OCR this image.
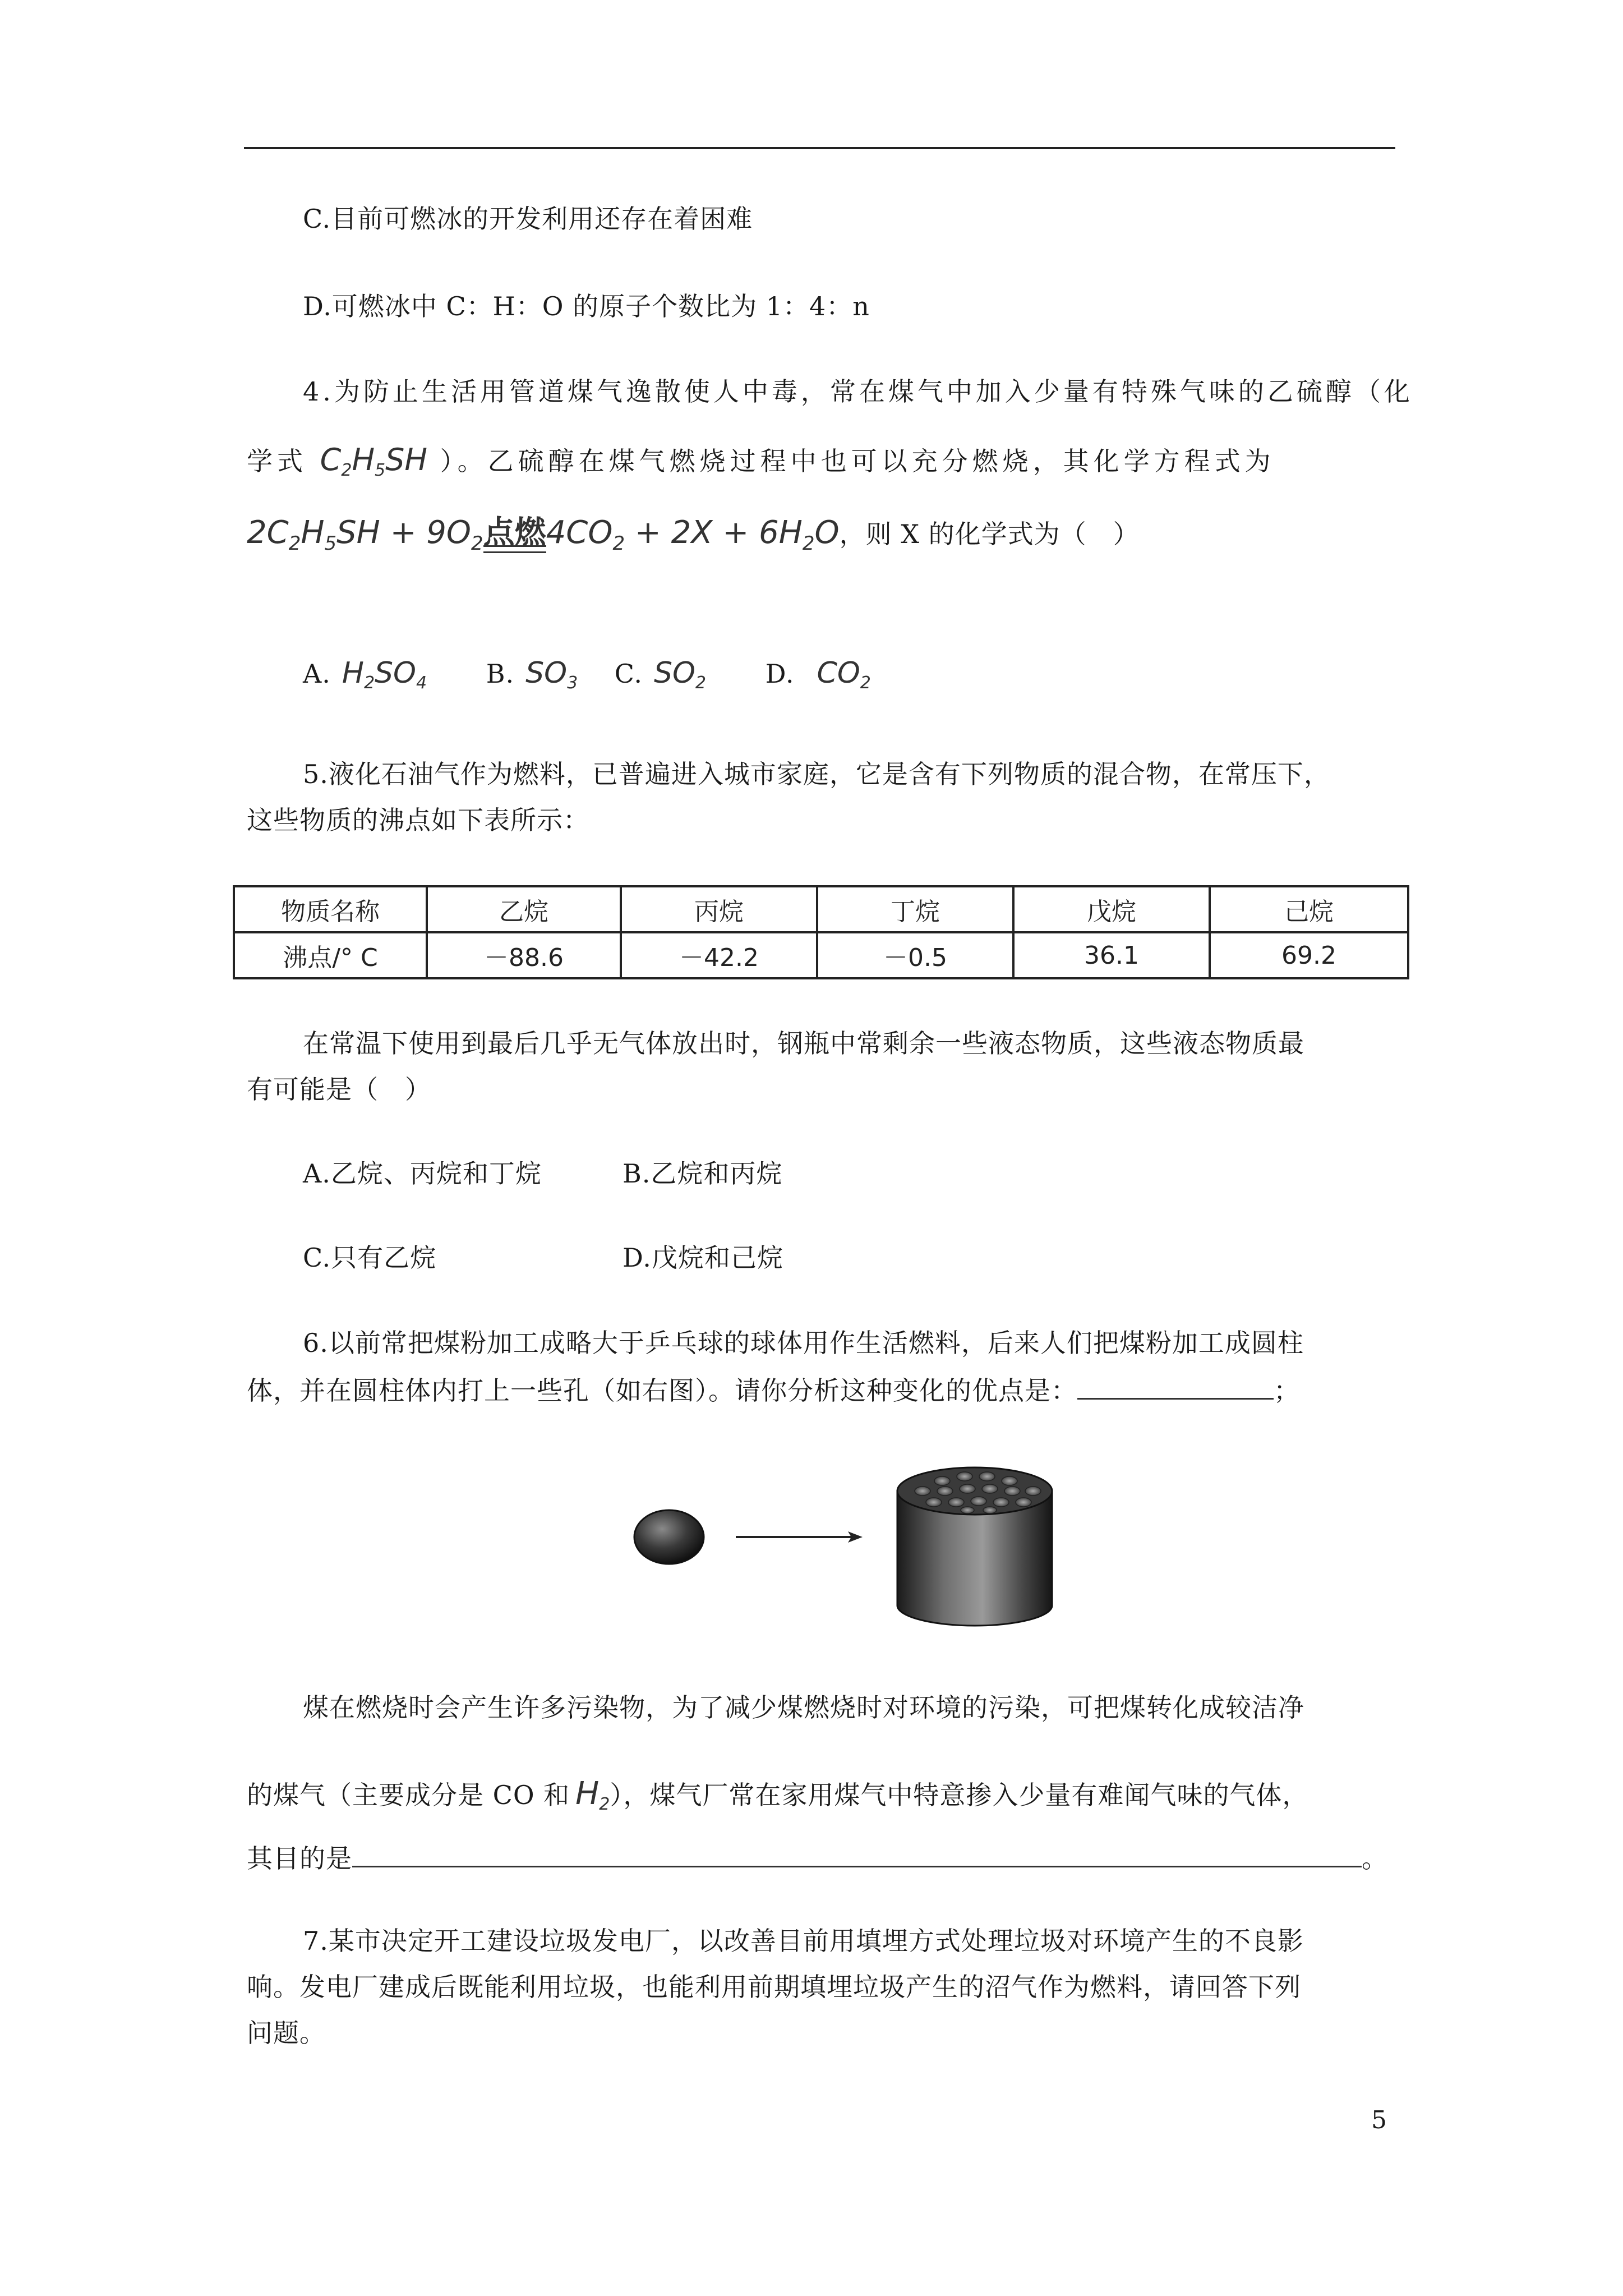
C.目前可燃冰的开发利用还存在着困难
D.可燃冰中 C：H：O 的原子个数比为 1：4：n
4.为防止生活用管道煤气逸散使人中毒，常在煤气中加入少量有特殊气味的乙硫醇（化
学式 $C_2H_5SH$ ）。乙硫醇在煤气燃烧过程中也可以充分燃烧，其化学方程式为
$2C_2H_5SH + 9O_2$点燃$4CO_2 + 2X + 6H_2O$，则 X 的化学式为（　）
A. $H_2SO_4$ B. $SO_3$ C. $SO_2$ D. $CO_2$
5.液化石油气作为燃料，已普遍进入城市家庭，它是含有下列物质的混合物，在常压下，
这些物质的沸点如下表所示：
物质名称	乙烷	丙烷	丁烷	戊烷	己烷
沸点/° C	－88.6	－42.2	－0.5	36.1	69.2
在常温下使用到最后几乎无气体放出时，钢瓶中常剩余一些液态物质，这些液态物质最
有可能是（　）
A.乙烷、丙烷和丁烷	B.乙烷和丙烷
C.只有乙烷	D.戊烷和己烷
6.以前常把煤粉加工成略大于乒乓球的球体用作生活燃料，后来人们把煤粉加工成圆柱
体，并在圆柱体内打上一些孔（如右图）。请你分析这种变化的优点是：	；
煤在燃烧时会产生许多污染物，为了减少煤燃烧时对环境的污染，可把煤转化成较洁净
的煤气（主要成分是 CO 和 $H_2$），煤气厂常在家用煤气中特意掺入少量有难闻气味的气体，
其目的是	。
7.某市决定开工建设垃圾发电厂，以改善目前用填埋方式处理垃圾对环境产生的不良影
响。发电厂建成后既能利用垃圾，也能利用前期填埋垃圾产生的沼气作为燃料，请回答下列
问题。
5
